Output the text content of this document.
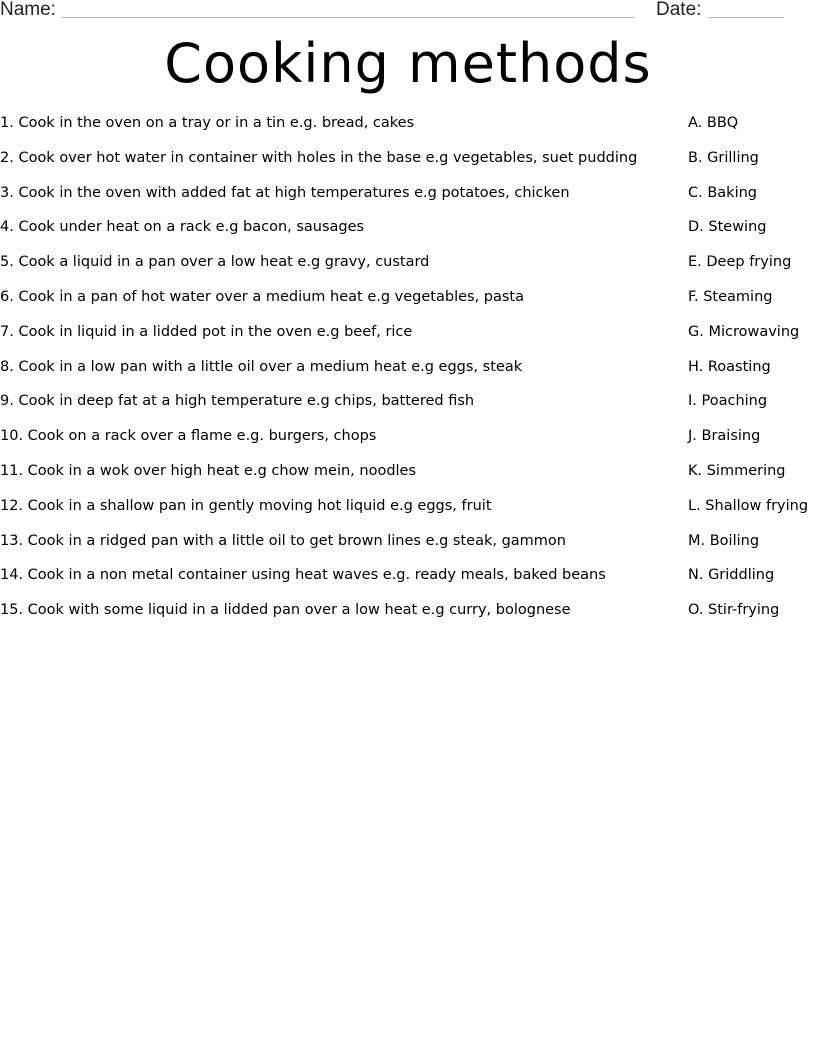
Name:	Date:
Cooking methods
1. Cook in the oven on a tray or in a tin e.g. bread, cakes
2. Cook over hot water in container with holes in the base e.g vegetables, suet pudding
3. Cook in the oven with added fat at high temperatures e.g potatoes, chicken
4. Cook under heat on a rack e.g bacon, sausages
5. Cook a liquid in a pan over a low heat e.g gravy, custard
6. Cook in a pan of hot water over a medium heat e.g vegetables, pasta
7. Cook in liquid in a lidded pot in the oven e.g beef, rice
8. Cook in a low pan with a little oil over a medium heat e.g eggs, steak
9. Cook in deep fat at a high temperature e.g chips, battered fish
10. Cook on a rack over a flame e.g. burgers, chops
11. Cook in a wok over high heat e.g chow mein, noodles
12. Cook in a shallow pan in gently moving hot liquid e.g eggs, fruit
13. Cook in a ridged pan with a little oil to get brown lines e.g steak, gammon
14. Cook in a non metal container using heat waves e.g. ready meals, baked beans
15. Cook with some liquid in a lidded pan over a low heat e.g curry, bolognese
A. BBQ
B. Grilling
C. Baking
D. Stewing
E. Deep frying
F. Steaming
G. Microwaving
H. Roasting
I. Poaching
J. Braising
K. Simmering
L. Shallow frying
M. Boiling
N. Griddling
O. Stir-frying
